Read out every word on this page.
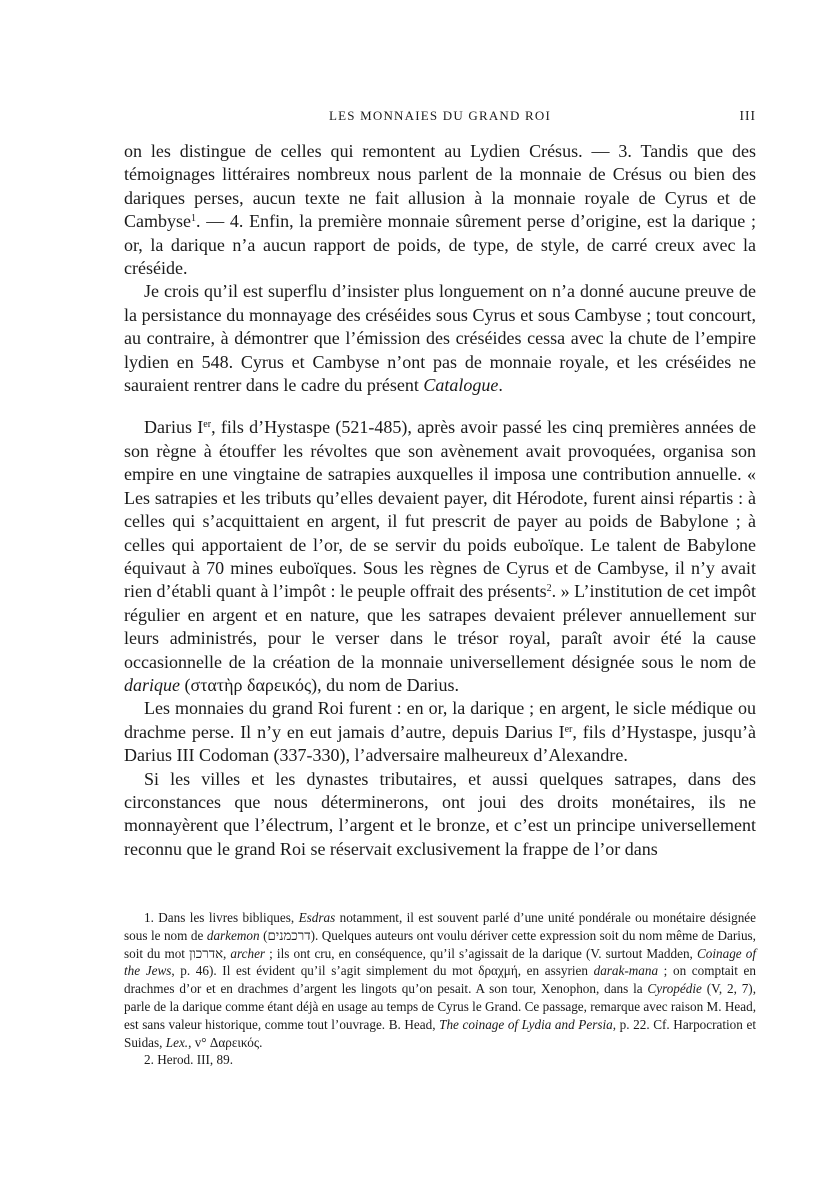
LES MONNAIES DU GRAND ROI	III

on les distingue de celles qui remontent au Lydien Crésus. — 3. Tandis que des témoignages littéraires nombreux nous parlent de la monnaie de Crésus ou bien des dariques perses, aucun texte ne fait allusion à la monnaie royale de Cyrus et de Cambyse$^1$. — 4. Enfin, la première monnaie sûrement perse d’origine, est la darique ; or, la darique n’a aucun rapport de poids, de type, de style, de carré creux avec la créséide.

Je crois qu’il est superflu d’insister plus longuement on n’a donné aucune preuve de la persistance du monnayage des créséides sous Cyrus et sous Cambyse ; tout concourt, au contraire, à démontrer que l’émission des créséides cessa avec la chute de l’empire lydien en 548. Cyrus et Cambyse n’ont pas de monnaie royale, et les créséides ne sauraient rentrer dans le cadre du présent Catalogue.

Darius Ier, fils d’Hystaspe (521-485), après avoir passé les cinq premières années de son règne à étouffer les révoltes que son avènement avait provoquées, organisa son empire en une vingtaine de satrapies auxquelles il imposa une contribution annuelle. « Les satrapies et les tributs qu’elles devaient payer, dit Hérodote, furent ainsi répartis : à celles qui s’acquittaient en argent, il fut prescrit de payer au poids de Babylone ; à celles qui apportaient de l’or, de se servir du poids euboïque. Le talent de Babylone équivaut à 70 mines euboïques. Sous les règnes de Cyrus et de Cambyse, il n’y avait rien d’établi quant à l’impôt : le peuple offrait des présents$^2$. » L’institution de cet impôt régulier en argent et en nature, que les satrapes devaient prélever annuellement sur leurs administrés, pour le verser dans le trésor royal, paraît avoir été la cause occasionnelle de la création de la monnaie universellement désignée sous le nom de darique (στατὴρ δαρεικός), du nom de Darius.

Les monnaies du grand Roi furent : en or, la darique ; en argent, le sicle médique ou drachme perse. Il n’y en eut jamais d’autre, depuis Darius Ier, fils d’Hystaspe, jusqu’à Darius III Codoman (337-330), l’adversaire malheureux d’Alexandre.

Si les villes et les dynastes tributaires, et aussi quelques satrapes, dans des circonstances que nous déterminerons, ont joui des droits monétaires, ils ne monnayèrent que l’électrum, l’argent et le bronze, et c’est un principe universellement reconnu que le grand Roi se réservait exclusivement la frappe de l’or dans

1. Dans les livres bibliques, Esdras notamment, il est souvent parlé d’une unité pondérale ou monétaire désignée sous le nom de darkemon (דרכמנים). Quelques auteurs ont voulu dériver cette expression soit du nom même de Darius, soit du mot אדרכון, archer ; ils ont cru, en conséquence, qu’il s’agissait de la darique (V. surtout Madden, Coinage of the Jews, p. 46). Il est évident qu’il s’agit simplement du mot δραχμή, en assyrien darak-mana ; on comptait en drachmes d’or et en drachmes d’argent les lingots qu’on pesait. A son tour, Xenophon, dans la Cyropédie (V, 2, 7), parle de la darique comme étant déjà en usage au temps de Cyrus le Grand. Ce passage, remarque avec raison M. Head, est sans valeur historique, comme tout l’ouvrage. B. Head, The coinage of Lydia and Persia, p. 22. Cf. Harpocration et Suidas, Lex., v° Δαρεικός.

2. Herod. III, 89.
